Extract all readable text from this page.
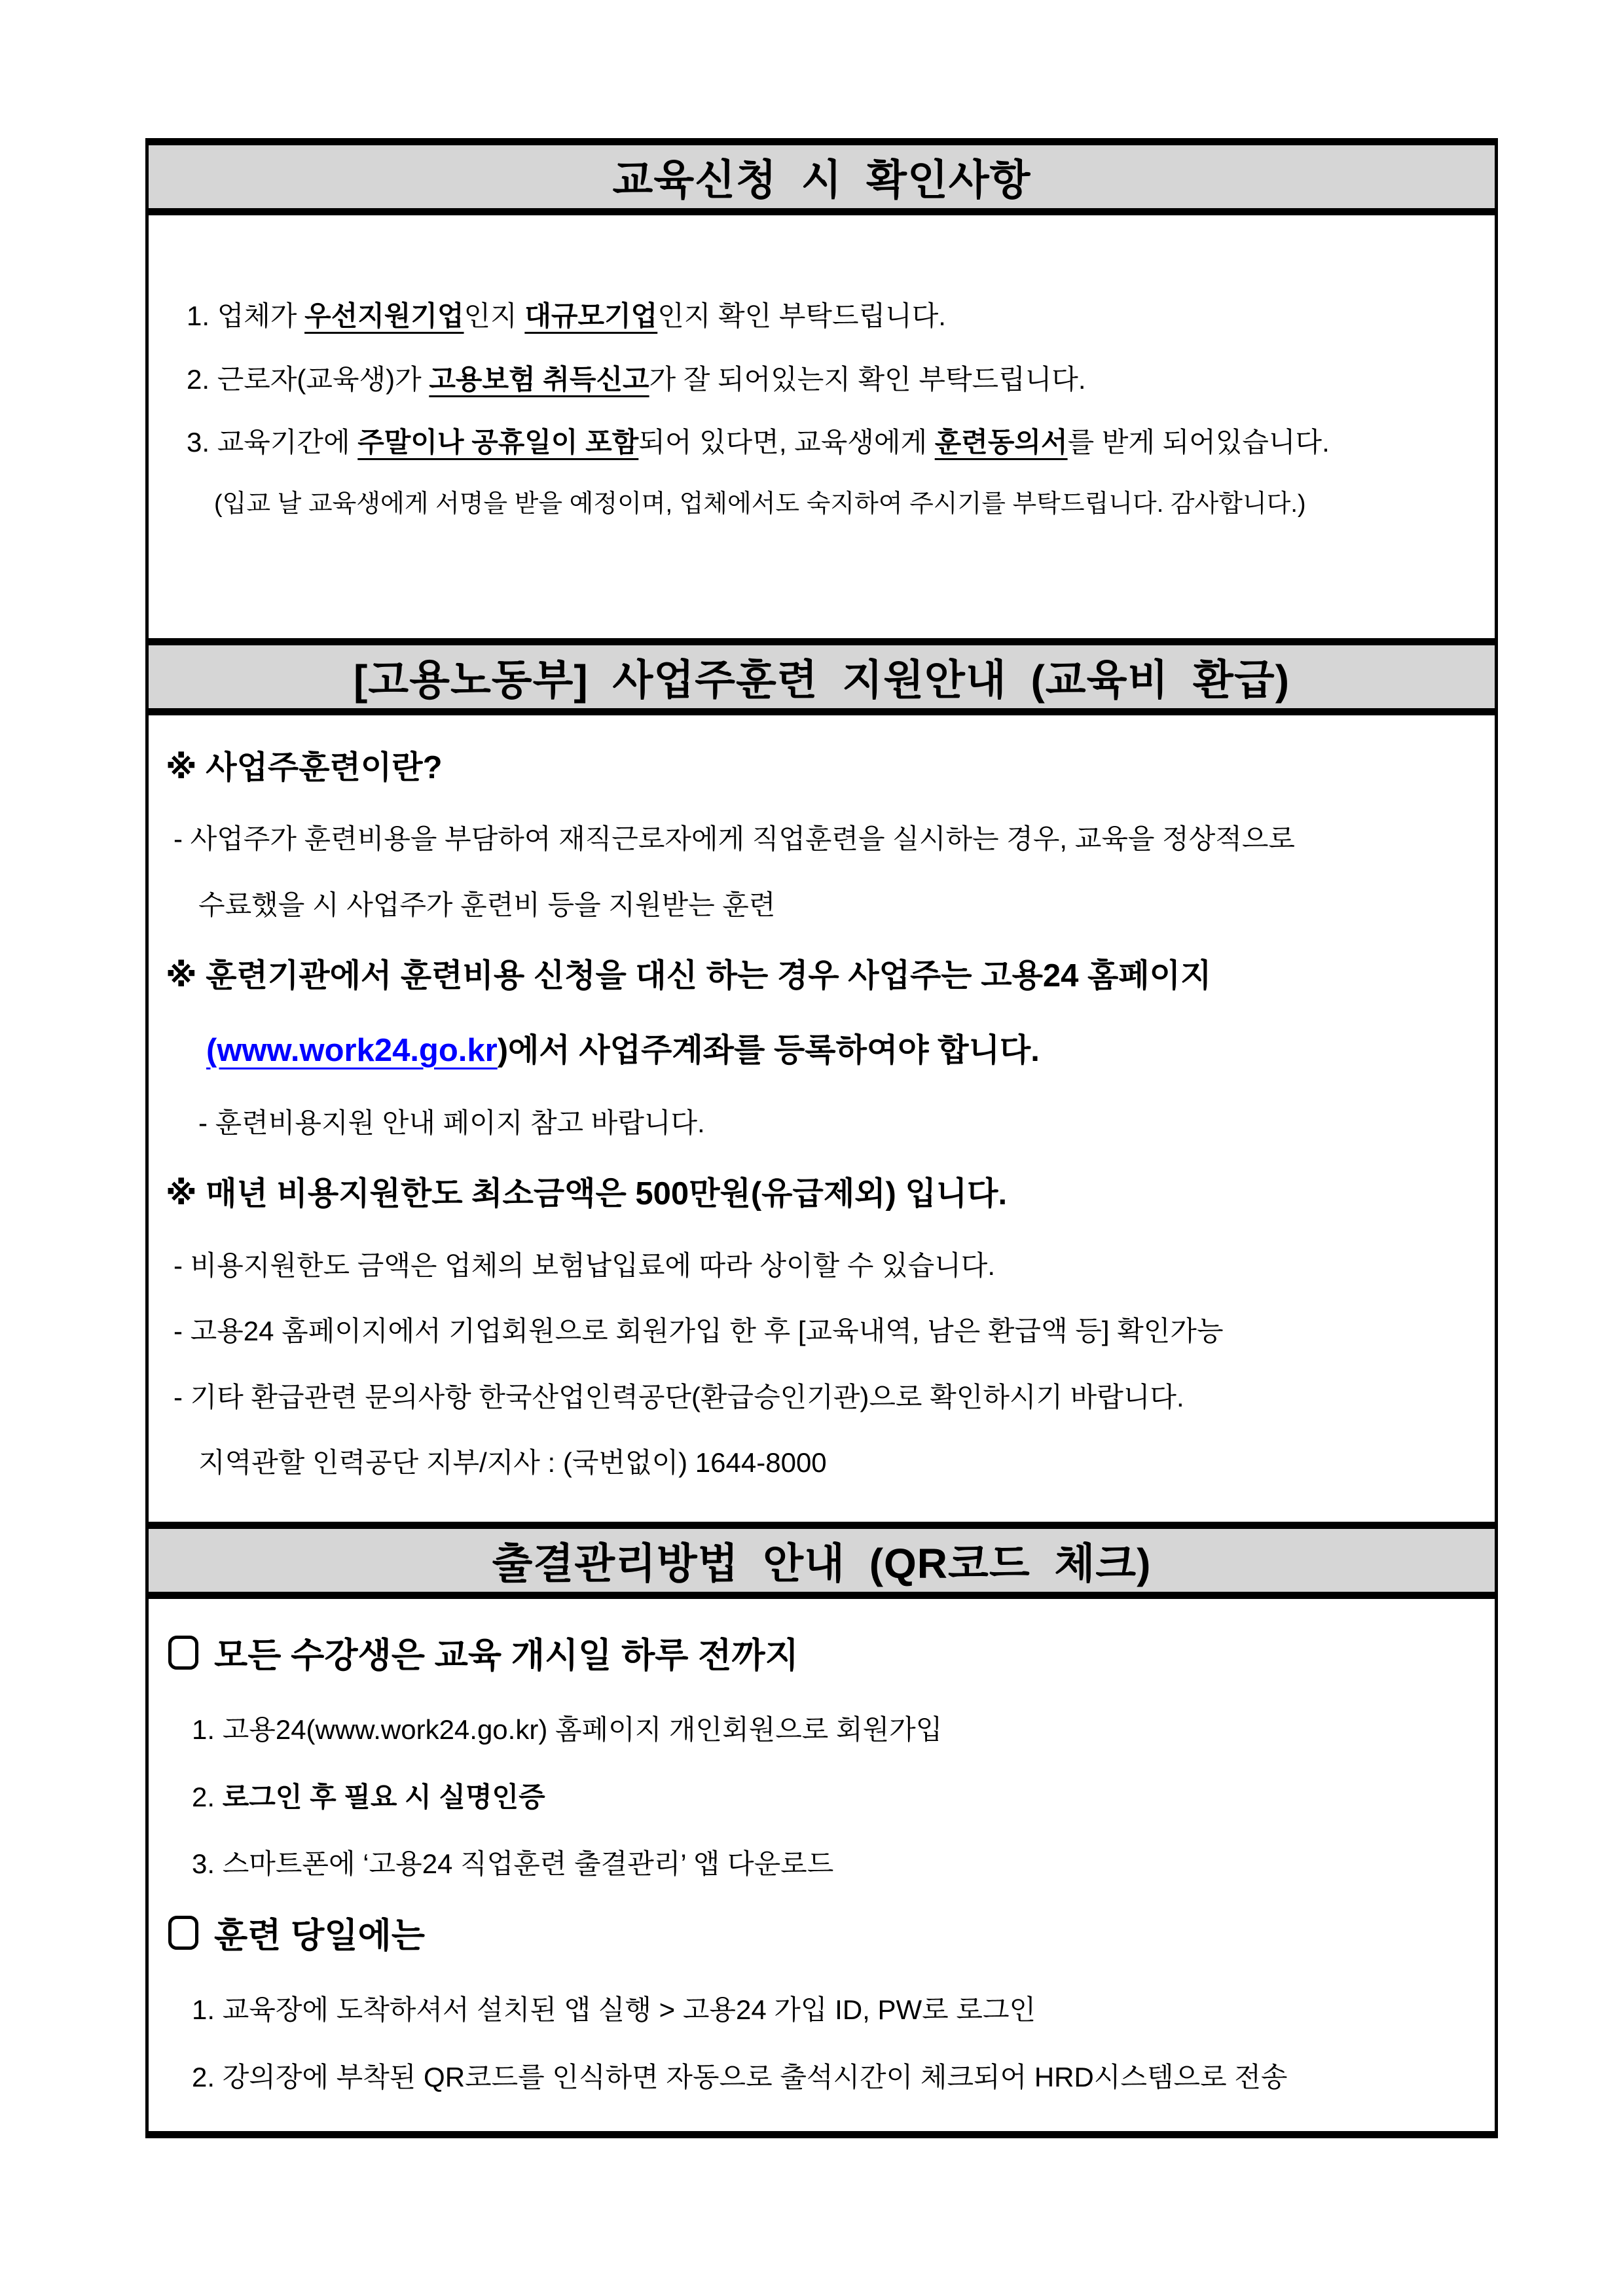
교육신청 시 확인사항
1. 업체가 우선지원기업인지 대규모기업인지 확인 부탁드립니다.
2. 근로자(교육생)가 고용보험 취득신고가 잘 되어있는지 확인 부탁드립니다.
3. 교육기간에 주말이나 공휴일이 포함되어 있다면, 교육생에게 훈련동의서를 받게 되어있습니다.
(입교 날 교육생에게 서명을 받을 예정이며, 업체에서도 숙지하여 주시기를 부탁드립니다. 감사합니다.)
[고용노동부] 사업주훈련 지원안내 (교육비 환급)
※ 사업주훈련이란?
- 사업주가 훈련비용을 부담하여 재직근로자에게 직업훈련을 실시하는 경우, 교육을 정상적으로
수료했을 시 사업주가 훈련비 등을 지원받는 훈련
※ 훈련기관에서 훈련비용 신청을 대신 하는 경우 사업주는 고용24 홈페이지
(www.work24.go.kr)에서 사업주계좌를 등록하여야 합니다.
- 훈련비용지원 안내 페이지 참고 바랍니다.
※ 매년 비용지원한도 최소금액은 500만원(유급제외) 입니다.
- 비용지원한도 금액은 업체의 보험납입료에 따라 상이할 수 있습니다.
- 고용24 홈페이지에서 기업회원으로 회원가입 한 후 [교육내역, 남은 환급액 등] 확인가능
- 기타 환급관련 문의사항 한국산업인력공단(환급승인기관)으로 확인하시기 바랍니다.
지역관할 인력공단 지부/지사 : (국번없이) 1644-8000
출결관리방법 안내 (QR코드 체크)
모든 수강생은 교육 개시일 하루 전까지
1. 고용24(www.work24.go.kr) 홈페이지 개인회원으로 회원가입
2. 로그인 후 필요 시 실명인증
3. 스마트폰에 ‘고용24 직업훈련 출결관리’ 앱 다운로드
훈련 당일에는
1. 교육장에 도착하셔서 설치된 앱 실행 > 고용24 가입 ID, PW로 로그인
2. 강의장에 부착된 QR코드를 인식하면 자동으로 출석시간이 체크되어 HRD시스템으로 전송
